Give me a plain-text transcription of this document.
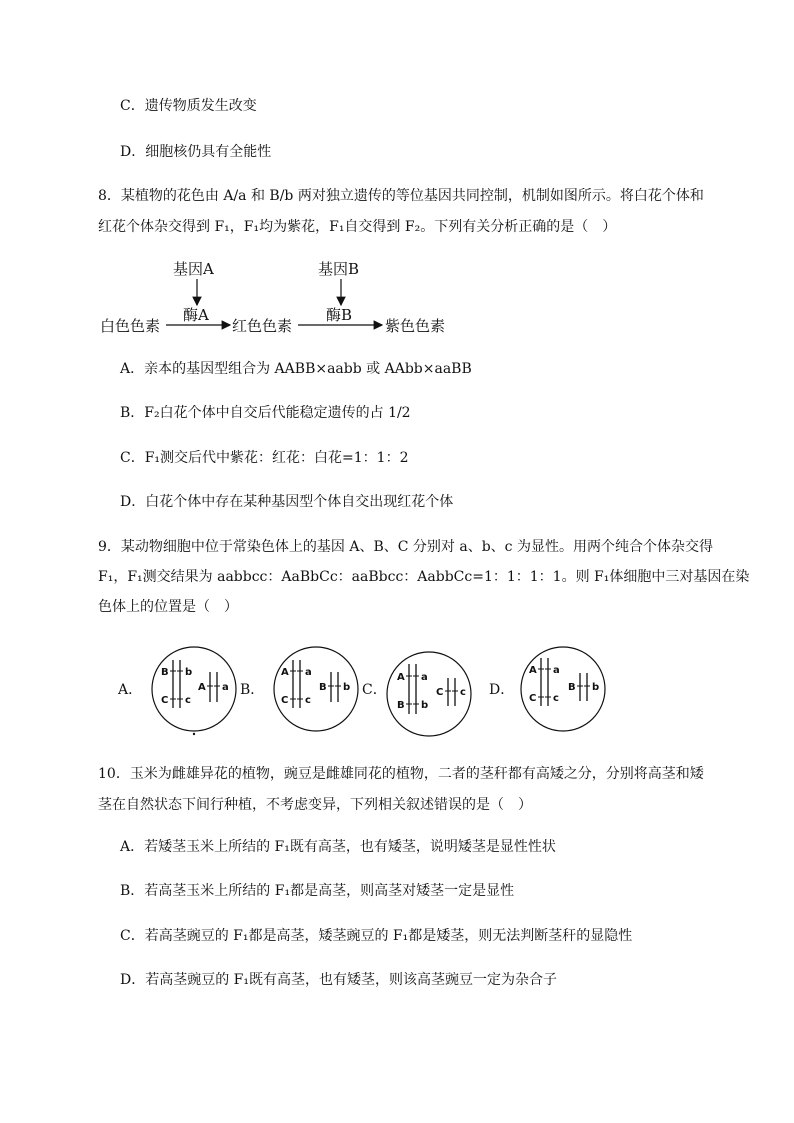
C．遗传物质发生改变
D．细胞核仍具有全能性
8．某植物的花色由 A/a 和 B/b 两对独立遗传的等位基因共同控制，机制如图所示。将白花个体和
红花个体杂交得到 F₁，F₁均为紫花，F₁自交得到 F₂。下列有关分析正确的是（　）
基因A	基因B
酶A	酶B
白色色素	红色色素	紫色色素
A．亲本的基因型组合为 AABB×aabb 或 AAbb×aaBB
B．F₂白花个体中自交后代能稳定遗传的占 1/2
C．F₁测交后代中紫花：红花：白花=1：1：2
D．白花个体中存在某种基因型个体自交出现红花个体
9．某动物细胞中位于常染色体上的基因 A、B、C 分别对 a、b、c 为显性。用两个纯合个体杂交得
F₁，F₁测交结果为 aabbcc：AaBbCc：aaBbcc：AabbCc=1：1：1：1。则 F₁体细胞中三对基因在染
色体上的位置是（　）
A．	B．	C．	D．
B b
C c
A a
A a
C c
B b
A a
B b
C c
A a
C c
B b
10．玉米为雌雄异花的植物，豌豆是雌雄同花的植物，二者的茎秆都有高矮之分，分别将高茎和矮
茎在自然状态下间行种植，不考虑变异，下列相关叙述错误的是（　）
A．若矮茎玉米上所结的 F₁既有高茎，也有矮茎，说明矮茎是显性性状
B．若高茎玉米上所结的 F₁都是高茎，则高茎对矮茎一定是显性
C．若高茎豌豆的 F₁都是高茎，矮茎豌豆的 F₁都是矮茎，则无法判断茎秆的显隐性
D．若高茎豌豆的 F₁既有高茎，也有矮茎，则该高茎豌豆一定为杂合子
